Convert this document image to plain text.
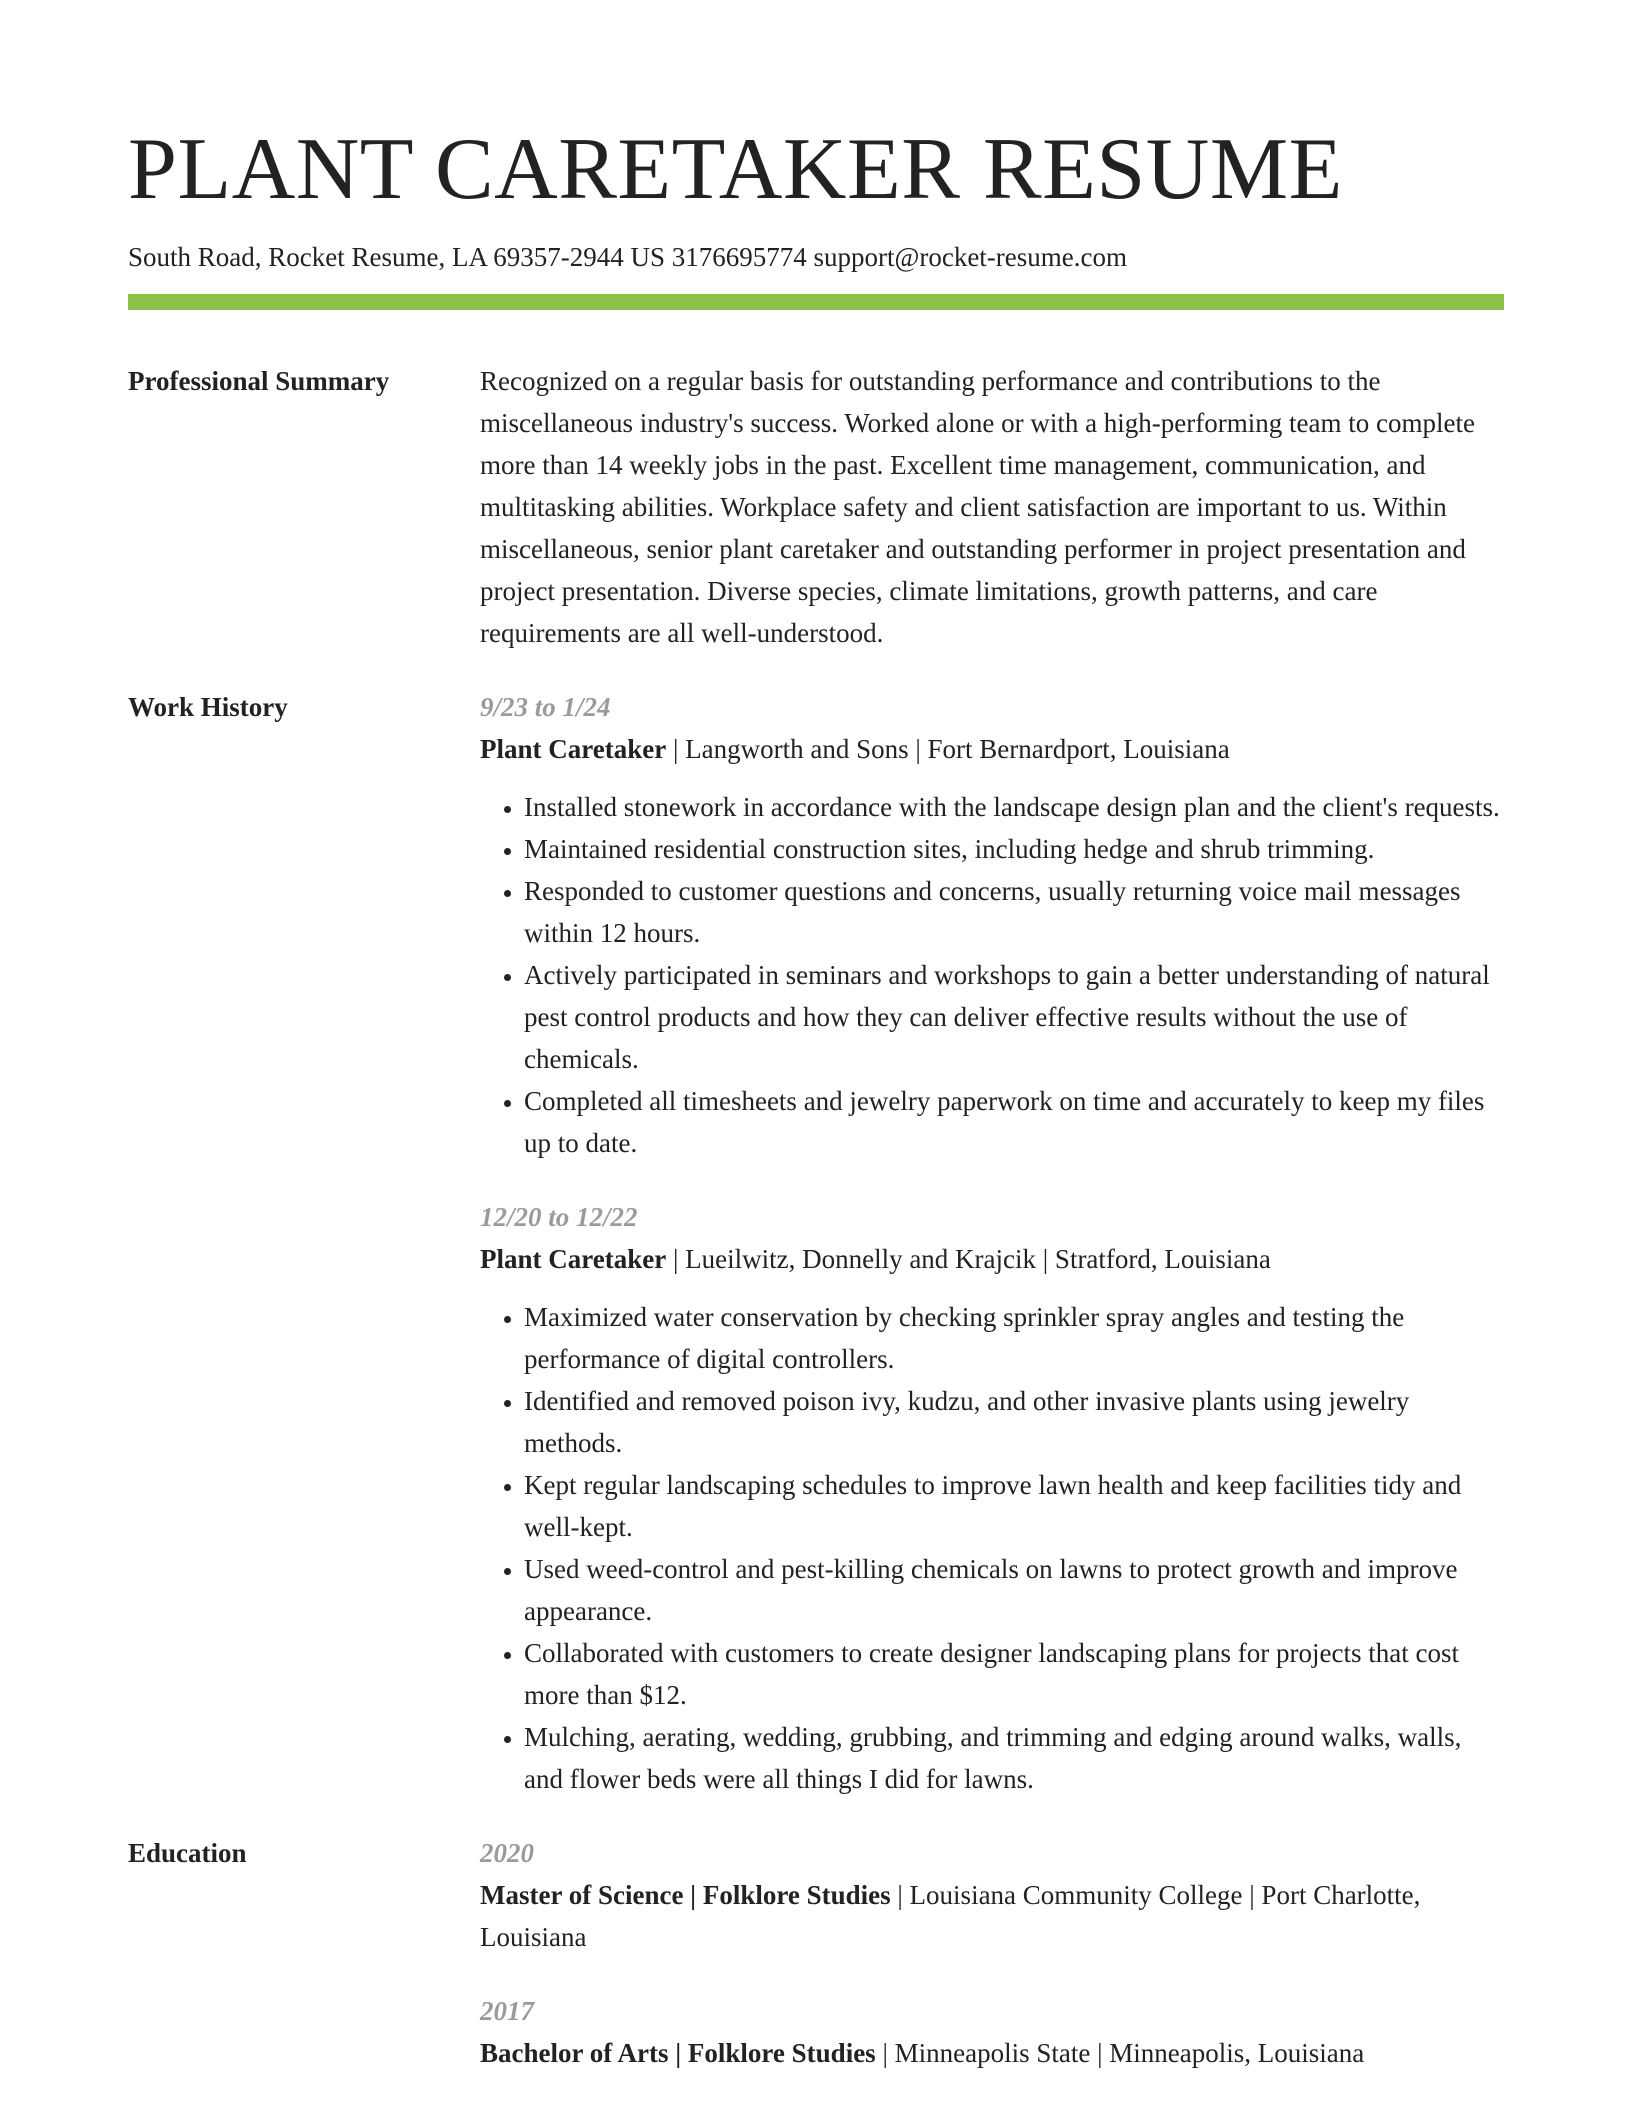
PLANT CARETAKER RESUME
South Road, Rocket Resume, LA 69357-2944 US 3176695774 support@rocket-resume.com
Professional Summary	Recognized on a regular basis for outstanding performance and contributions to the miscellaneous industry's success. Worked alone or with a high-performing team to complete more than 14 weekly jobs in the past. Excellent time management, communication, and multitasking abilities. Workplace safety and client satisfaction are important to us. Within miscellaneous, senior plant caretaker and outstanding performer in project presentation and project presentation. Diverse species, climate limitations, growth patterns, and care requirements are all well-understood.

Work History	9/23 to 1/24
Plant Caretaker | Langworth and Sons | Fort Bernardport, Louisiana
• Installed stonework in accordance with the landscape design plan and the client's requests.
• Maintained residential construction sites, including hedge and shrub trimming.
• Responded to customer questions and concerns, usually returning voice mail messages within 12 hours.
• Actively participated in seminars and workshops to gain a better understanding of natural pest control products and how they can deliver effective results without the use of chemicals.
• Completed all timesheets and jewelry paperwork on time and accurately to keep my files up to date.
12/20 to 12/22
Plant Caretaker | Lueilwitz, Donnelly and Krajcik | Stratford, Louisiana
• Maximized water conservation by checking sprinkler spray angles and testing the performance of digital controllers.
• Identified and removed poison ivy, kudzu, and other invasive plants using jewelry methods.
• Kept regular landscaping schedules to improve lawn health and keep facilities tidy and well-kept.
• Used weed-control and pest-killing chemicals on lawns to protect growth and improve appearance.
• Collaborated with customers to create designer landscaping plans for projects that cost more than $12.
• Mulching, aerating, wedding, grubbing, and trimming and edging around walks, walls, and flower beds were all things I did for lawns.
Education	2020
Master of Science | Folklore Studies | Louisiana Community College | Port Charlotte, Louisiana
2017
Bachelor of Arts | Folklore Studies | Minneapolis State | Minneapolis, Louisiana
